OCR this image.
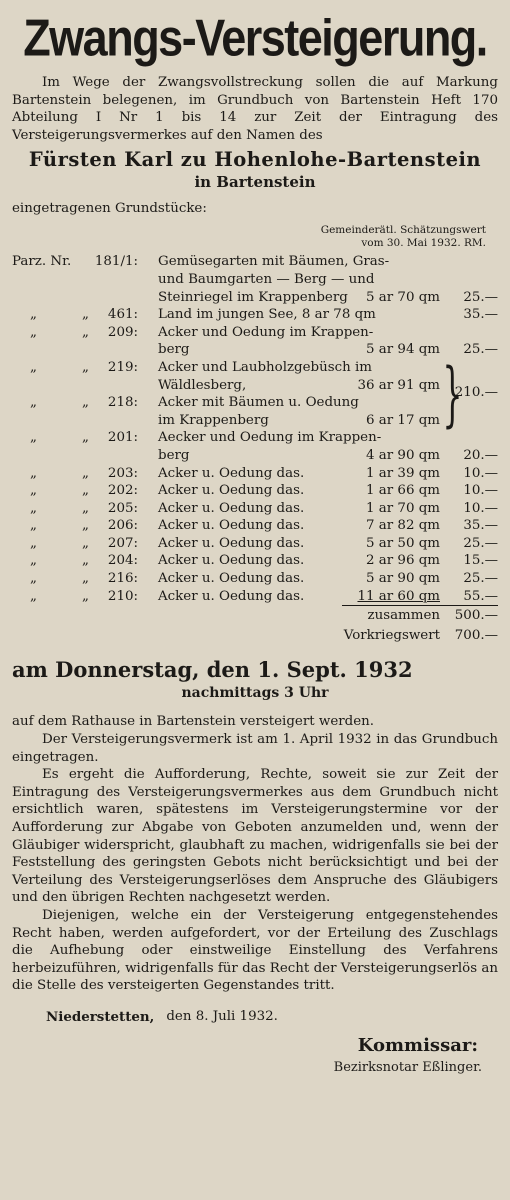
Zwangs-Versteigerung.

Im Wege der Zwangsvollstreckung sollen die auf Markung Bartenstein belegenen, im Grundbuch von Bartenstein Heft 170 Abteilung I Nr 1 bis 14 zur Zeit der Eintragung des Versteigerungsvermerkes auf den Namen des

Fürsten Karl zu Hohenlohe-Bartenstein
in Bartenstein
eingetragenen Grundstücke:
Gemeinderätl. Schätzungswert
vom 30. Mai 1932. RM.
Parz. Nr. 181/1: Gemüsegarten mit Bäumen, Gras-
und Baumgarten — Berg — und
Steinriegel im Krappenberg 5 ar 70 qm	25.—
„	„ 461: Land im jungen See, 8 ar 78 qm	35.—
„	„ 209: Acker und Oedung im Krappen-
berg	5 ar 94 qm	25.—
„	„ 219: Acker und Laubholzgebüsch im
Wäldlesberg,	36 ar 91 qm
„	„ 218: Acker mit Bäumen u. Oedung
im Krappenberg	6 ar 17 qm
„	„ 201: Aecker und Oedung im Krappen-
berg	4 ar 90 qm	20.—
„	„ 203: Acker u. Oedung das.	1 ar 39 qm	10.—
„	„ 202: Acker u. Oedung das.	1 ar 66 qm	10.—
„	„ 205: Acker u. Oedung das.	1 ar 70 qm	10.—
„	„ 206: Acker u. Oedung das.	7 ar 82 qm	35.—
„	„ 207: Acker u. Oedung das.	5 ar 50 qm	25.—
„	„ 204: Acker u. Oedung das.	2 ar 96 qm	15.—
„	„ 216: Acker u. Oedung das.	5 ar 90 qm	25.—
„	„ 210: Acker u. Oedung das.	11 ar 60 qm	55.—
}
210.—
zusammen	500.—
Vorkriegswert	700.—
am Donnerstag, den 1. Sept. 1932
nachmittags 3 Uhr

auf dem Rathause in Bartenstein versteigert werden.

Der Versteigerungsvermerk ist am 1. April 1932 in das Grundbuch eingetragen.

Es ergeht die Aufforderung, Rechte, soweit sie zur Zeit der Eintragung des Versteigerungsvermerkes aus dem Grundbuch nicht ersichtlich waren, spätestens im Versteigerungstermine vor der Aufforderung zur Abgabe von Geboten anzumelden und, wenn der Gläubiger widerspricht, glaubhaft zu machen, widrigenfalls sie bei der Feststellung des geringsten Gebots nicht berücksichtigt und bei der Verteilung des Versteigerungserlöses dem Anspruche des Gläubigers und den übrigen Rechten nachgesetzt werden.

Diejenigen, welche ein der Versteigerung entgegenstehendes Recht haben, werden aufgefordert, vor der Erteilung des Zuschlags die Aufhebung oder einstweilige Einstellung des Verfahrens herbeizuführen, widrigenfalls für das Recht der Versteigerungserlös an die Stelle des versteigerten Gegenstandes tritt.

Niederstetten, den 8. Juli 1932.
Kommissar:
Bezirksnotar Eßlinger.
